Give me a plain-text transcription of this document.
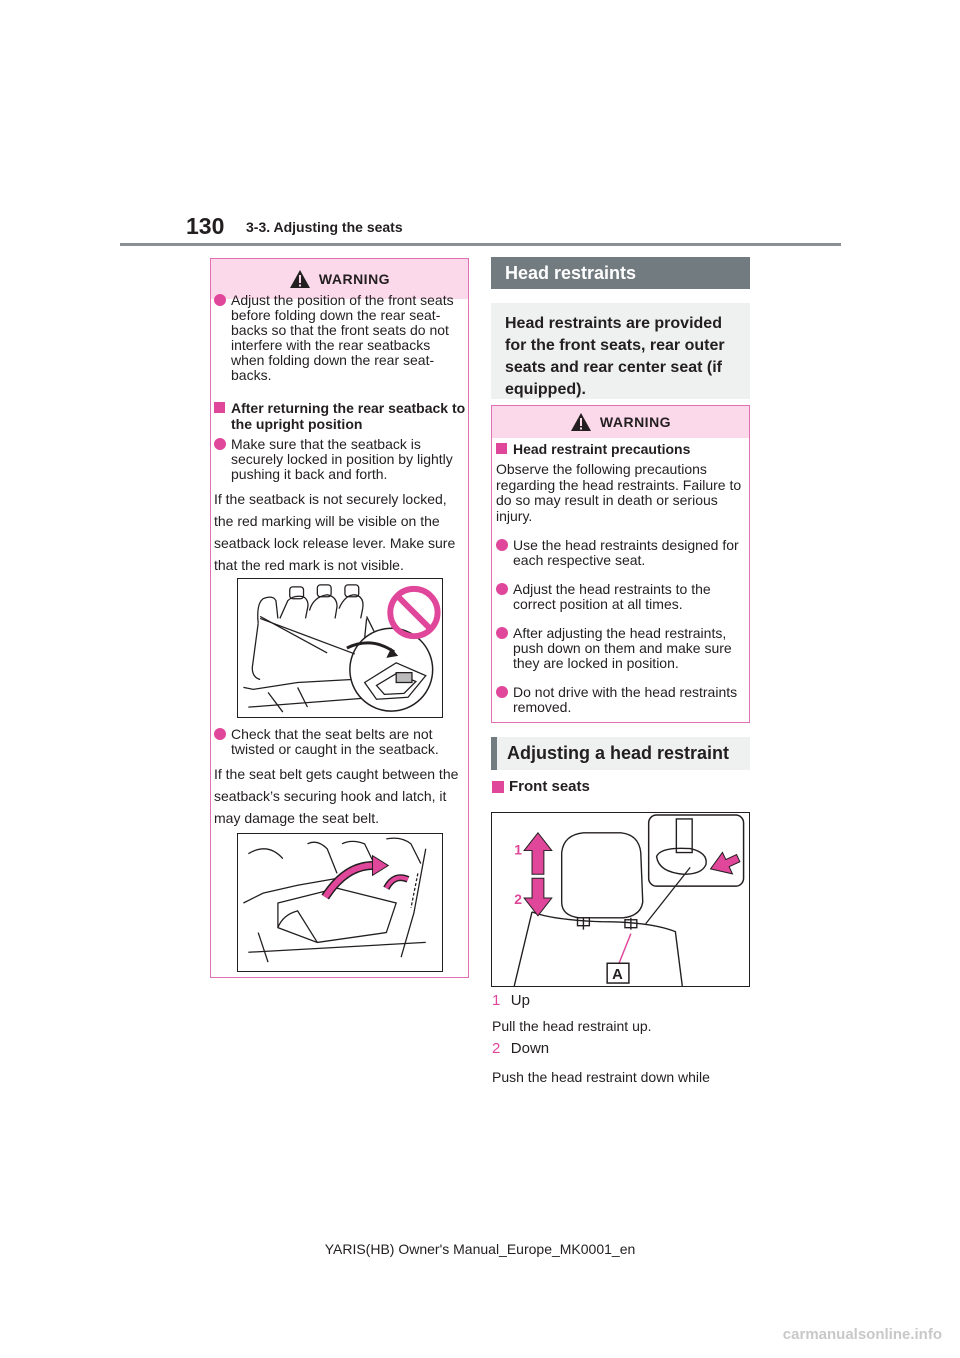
130 3-3. Adjusting the seats
WARNING
Adjust the position of the front seats before folding down the rear seat-backs so that the front seats do not interfere with the rear seatbacks when folding down the rear seat-backs.
After returning the rear seatback to the upright position
Make sure that the seatback is securely locked in position by lightly pushing it back and forth.
If the seatback is not securely locked, the red marking will be visible on the seatback lock release lever. Make sure that the red mark is not visible.
Check that the seat belts are not twisted or caught in the seatback.
If the seat belt gets caught between the seatback’s securing hook and latch, it may damage the seat belt.
Head restraints
Head restraints are provided for the front seats, rear outer seats and rear center seat (if equipped).
WARNING
Head restraint precautions
Observe the following precautions regarding the head restraints. Failure to do so may result in death or serious injury.
Use the head restraints designed for each respective seat.
Adjust the head restraints to the correct position at all times.
After adjusting the head restraints, push down on them and make sure they are locked in position.
Do not drive with the head restraints removed.
Adjusting a head restraint
Front seats
1
2
A
1 Up
Pull the head restraint up.
2 Down
Push the head restraint down while
YARIS(HB) Owner's Manual_Europe_MK0001_en
carmanualsonline.info
